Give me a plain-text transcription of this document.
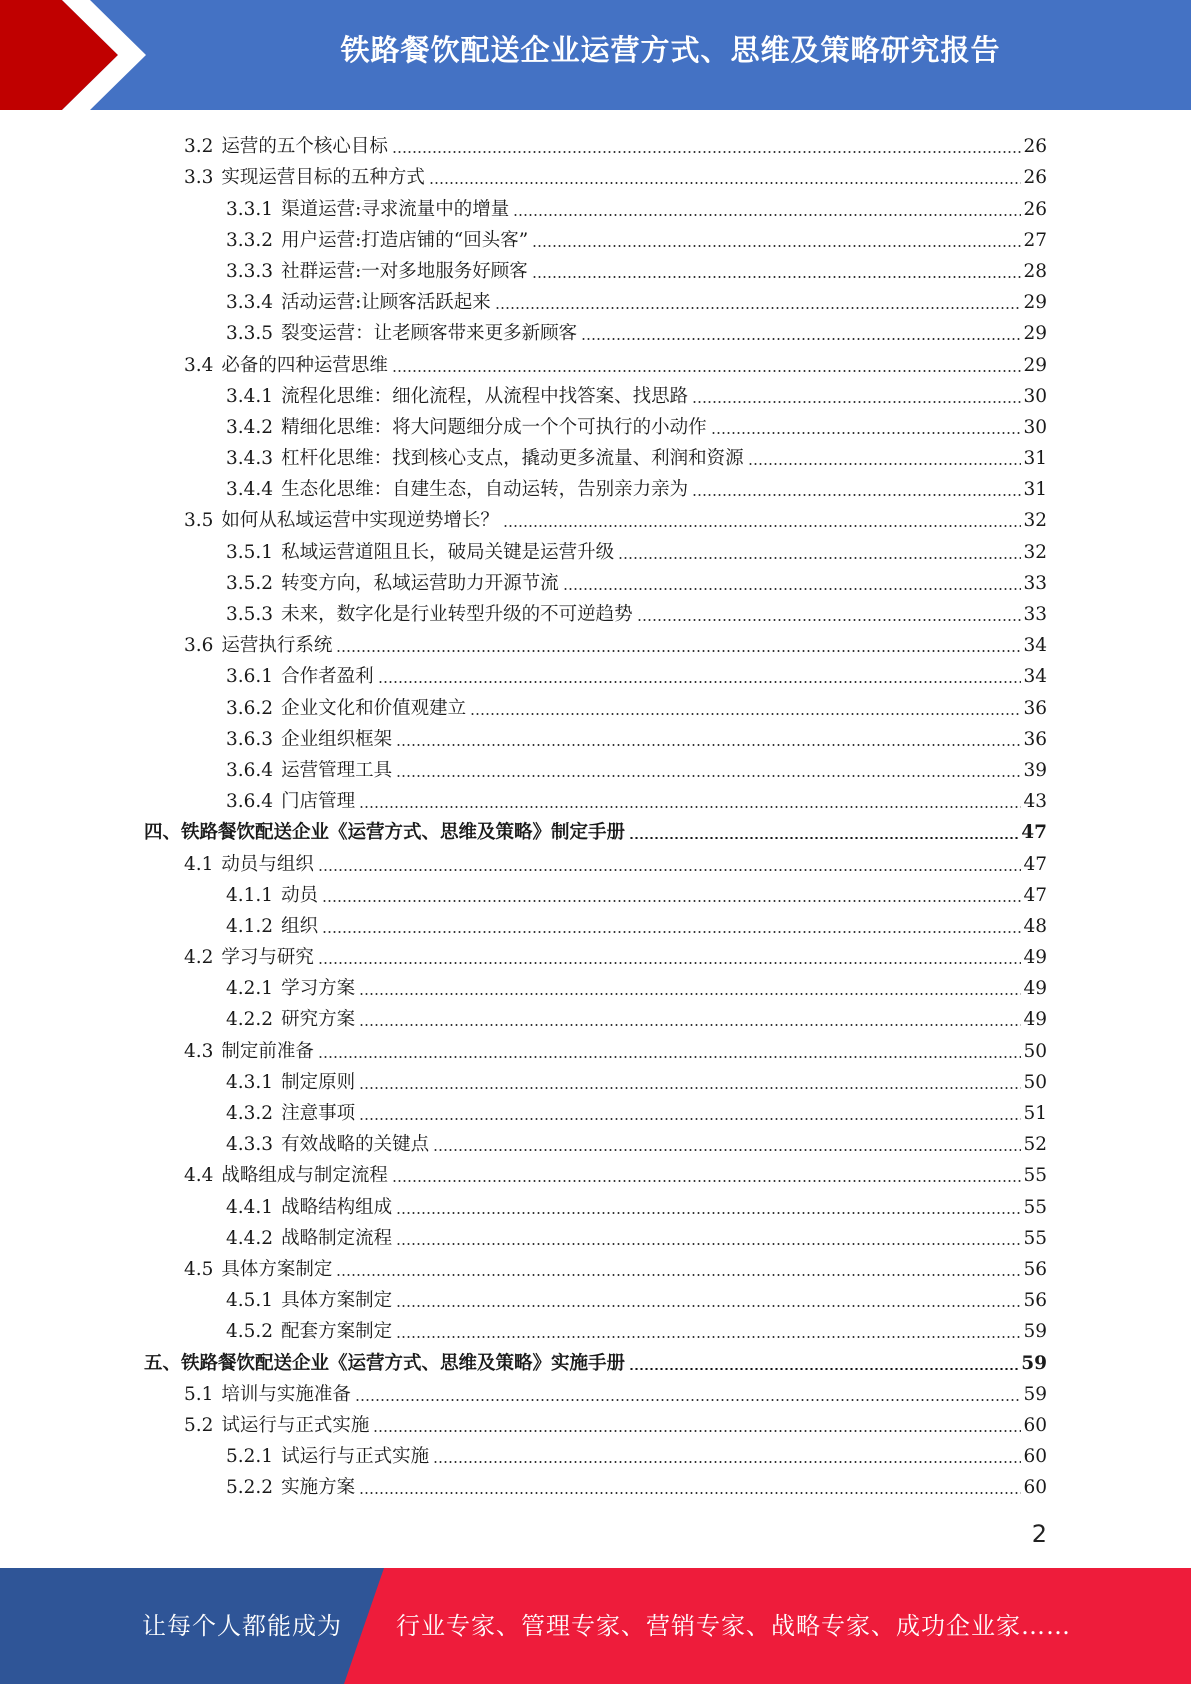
铁路餐饮配送企业运营方式、思维及策略研究报告
3.2 运营的五个核心目标	26
3.3 实现运营目标的五种方式	26
3.3.1 渠道运营:寻求流量中的增量	26
3.3.2 用户运营:打造店铺的“回头客”	27
3.3.3 社群运营:一对多地服务好顾客	28
3.3.4 活动运营:让顾客活跃起来	29
3.3.5 裂变运营：让老顾客带来更多新顾客	29
3.4 必备的四种运营思维	29
3.4.1 流程化思维：细化流程，从流程中找答案、找思路	30
3.4.2 精细化思维：将大问题细分成一个个可执行的小动作	30
3.4.3 杠杆化思维：找到核心支点，撬动更多流量、利润和资源	31
3.4.4 生态化思维：自建生态，自动运转，告别亲力亲为	31
3.5 如何从私域运营中实现逆势增长？	32
3.5.1 私域运营道阻且长，破局关键是运营升级	32
3.5.2 转变方向，私域运营助力开源节流	33
3.5.3 未来，数字化是行业转型升级的不可逆趋势	33
3.6 运营执行系统	34
3.6.1 合作者盈利	34
3.6.2 企业文化和价值观建立	36
3.6.3 企业组织框架	36
3.6.4 运营管理工具	39
3.6.4 门店管理	43
四、 铁路餐饮配送企业《运营方式、思维及策略》制定手册	47
4.1 动员与组织	47
4.1.1 动员	47
4.1.2 组织	48
4.2 学习与研究	49
4.2.1 学习方案	49
4.2.2 研究方案	49
4.3 制定前准备	50
4.3.1 制定原则	50
4.3.2 注意事项	51
4.3.3 有效战略的关键点	52
4.4 战略组成与制定流程	55
4.4.1 战略结构组成	55
4.4.2 战略制定流程	55
4.5 具体方案制定	56
4.5.1 具体方案制定	56
4.5.2 配套方案制定	59
五、 铁路餐饮配送企业《运营方式、思维及策略》实施手册	59
5.1 培训与实施准备	59
5.2 试运行与正式实施	60
5.2.1 试运行与正式实施	60
5.2.2 实施方案	60
2
让每个人都能成为 行业专家、管理专家、营销专家、战略专家、成功企业家……
